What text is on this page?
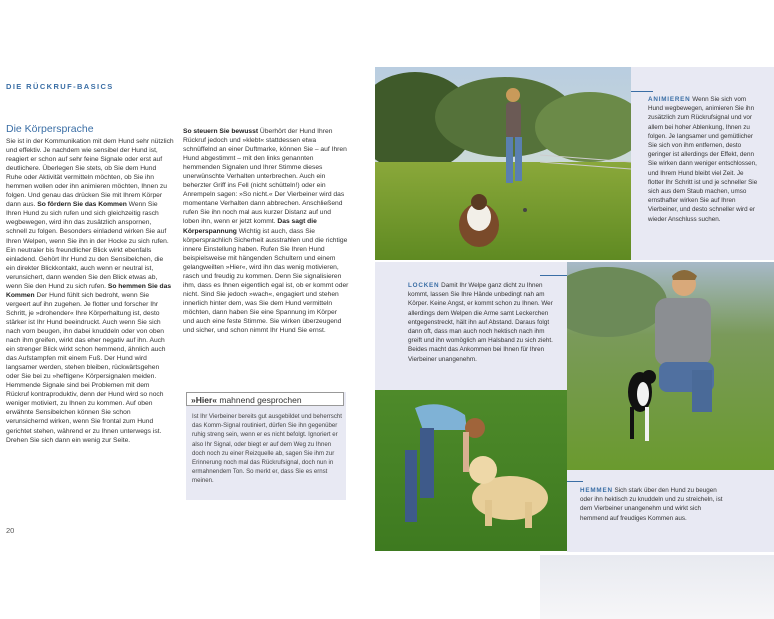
DIE RÜCKRUF-BASICS
Die Körpersprache

Sie ist in der Kommunikation mit dem Hund sehr nützlich und effektiv. Je nachdem wie sensibel der Hund ist, reagiert er schon auf sehr feine Signale oder erst auf deutlichere. Überlegen Sie stets, ob Sie dem Hund Ruhe oder Aktivität vermitteln möchten, ob Sie ihn hemmen wollen oder ihn animieren möchten, Ihnen zu folgen. Und genau das drücken Sie mit Ihrem Körper dann aus. So fördern Sie das Kommen Wenn Sie Ihren Hund zu sich rufen und sich gleichzeitig rasch wegbewegen, wird ihn das zusätzlich anspornen, schnell zu folgen. Besonders einladend wirken Sie auf Ihren Welpen, wenn Sie ihn in der Hocke zu sich rufen. Ein neutraler bis freundlicher Blick wirkt ebenfalls einladend. Gehört Ihr Hund zu den Sensibelchen, die ein direkter Blickkontakt, auch wenn er neutral ist, verunsichert, dann wenden Sie den Blick etwas ab, wenn Sie den Hund zu sich rufen. So hemmen Sie das Kommen Der Hund fühlt sich bedroht, wenn Sie vergeert auf ihn zugehen. Je flotter und forscher Ihr Schritt, je »drohender« Ihre Körperhaltung ist, desto stärker ist Ihr Hund beeindruckt. Auch wenn Sie sich nach vorn beugen, ihn dabei knuddeln oder von oben nach ihm greifen, wirkt das eher negativ auf ihn. Auch ein strenger Blick wirkt schon hemmend, ähnlich auch das Aufstampfen mit einem Fuß. Der Hund wird langsamer werden, stehen bleiben, rückwärtsgehen oder Sie bei zu »heftigen« Körpersignalen meiden. Hemmende Signale sind bei Problemen mit dem Rückruf kontraproduktiv, denn der Hund wird so noch weniger motiviert, zu Ihnen zu kommen. Auf oben erwähnte Sensibelchen können Sie schon verunsichernd wirken, wenn Sie frontal zum Hund gerichtet stehen, während er zu Ihnen unterwegs ist. Drehen Sie sich dann ein wenig zur Seite.

So steuern Sie bewusst Überhört der Hund Ihren Rückruf jedoch und »klebt« stattdessen etwa schnüffelnd an einer Duftmarke, können Sie – auf Ihren Hund abgestimmt – mit den links genannten hemmenden Signalen und Ihrer Stimme dieses unerwünschte Verhalten unterbrechen. Auch ein beherzter Griff ins Fell (nicht schütteln!) oder ein Anrempeln sagen: »So nicht.« Der Vierbeiner wird das momentane Verhalten dann abbrechen. Anschließend rufen Sie ihn noch mal aus kurzer Distanz auf und loben ihn, wenn er jetzt kommt. Das sagt die Körperspannung Wichtig ist auch, dass Sie körpersprachlich Sicherheit ausstrahlen und die richtige innere Einstellung haben. Rufen Sie Ihren Hund beispielsweise mit hängenden Schultern und einem gelangweilten »Hier«, wird ihn das wenig motivieren, rasch und freudig zu kommen. Denn Sie signalisieren ihm, dass es Ihnen eigentlich egal ist, ob er kommt oder nicht. Sind Sie jedoch »wach«, engagiert und stehen innerlich hinter dem, was Sie dem Hund vermitteln möchten, dann haben Sie eine Spannung im Körper und auch eine feste Stimme. Sie wirken überzeugend und sicher, und schon nimmt Ihr Hund Sie ernst.

»Hier« mahnend gesprochen
Ist Ihr Vierbeiner bereits gut ausgebildet und beherrscht das Komm-Signal routiniert, dürfen Sie ihn gegenüber ruhig streng sein, wenn er es nicht befolgt. Ignoriert er also Ihr Signal, oder biegt er auf dem Weg zu Ihnen doch noch zu einer Reizquelle ab, sagen Sie ihm zur Erinnerung noch mal das Rückrufsignal, doch nun in ermahnendem Ton. So merkt er, dass Sie es ernst meinen.
20
ANIMIEREN Wenn Sie sich vom Hund wegbewegen, animieren Sie ihn zusätzlich zum Rückrufsignal und vor allem bei hoher Ablenkung, Ihnen zu folgen. Je langsamer und gemütlicher Sie sich von ihm entfernen, desto geringer ist allerdings der Effekt, denn Sie wirken dann weniger entschlossen, und Ihrem Hund bleibt viel Zeit. Je flotter Ihr Schritt ist und je schneller Sie sich aus dem Staub machen, umso ernsthafter wirken Sie auf Ihren Vierbeiner, und desto schneller wird er wieder Anschluss suchen.
LOCKEN Damit Ihr Welpe ganz dicht zu Ihnen kommt, lassen Sie Ihre Hände unbedingt nah am Körper. Keine Angst, er kommt schon zu Ihnen. Wer allerdings dem Welpen die Arme samt Leckerchen entgegenstreckt, hält ihn auf Abstand. Daraus folgt dann oft, dass man auch noch hektisch nach ihm greift und ihn womöglich am Halsband zu sich zieht. Beides macht das Ankommen bei Ihnen für Ihren Vierbeiner unangenehm.
HEMMEN Sich stark über den Hund zu beugen oder ihn hektisch zu knuddeln und zu streicheln, ist dem Vierbeiner unangenehm und wirkt sich hemmend auf freudiges Kommen aus.
